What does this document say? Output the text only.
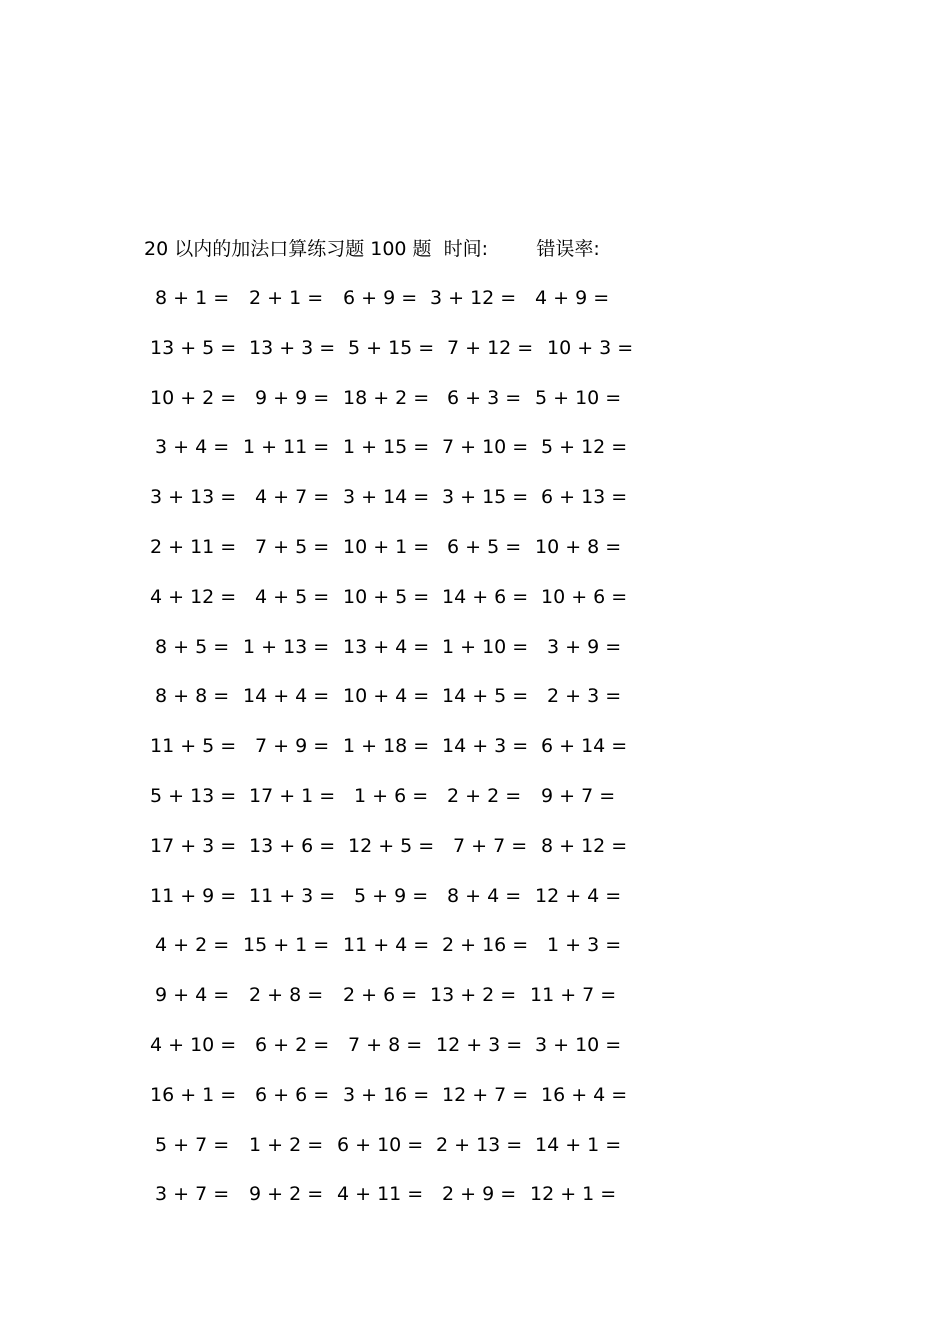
20 以内的加法口算练习题 100 题  时间:        错误率:
8 + 1 = 2 + 1 = 6 + 9 = 3 + 12 = 4 + 9 =
13 + 5 = 13 + 3 = 5 + 15 = 7 + 12 = 10 + 3 =
10 + 2 = 9 + 9 = 18 + 2 = 6 + 3 = 5 + 10 =
3 + 4 = 1 + 11 = 1 + 15 = 7 + 10 = 5 + 12 =
3 + 13 = 4 + 7 = 3 + 14 = 3 + 15 = 6 + 13 =
2 + 11 = 7 + 5 = 10 + 1 = 6 + 5 = 10 + 8 =
4 + 12 = 4 + 5 = 10 + 5 = 14 + 6 = 10 + 6 =
8 + 5 = 1 + 13 = 13 + 4 = 1 + 10 = 3 + 9 =
8 + 8 = 14 + 4 = 10 + 4 = 14 + 5 = 2 + 3 =
11 + 5 = 7 + 9 = 1 + 18 = 14 + 3 = 6 + 14 =
5 + 13 = 17 + 1 = 1 + 6 = 2 + 2 = 9 + 7 =
17 + 3 = 13 + 6 = 12 + 5 = 7 + 7 = 8 + 12 =
11 + 9 = 11 + 3 = 5 + 9 = 8 + 4 = 12 + 4 =
4 + 2 = 15 + 1 = 11 + 4 = 2 + 16 = 1 + 3 =
9 + 4 = 2 + 8 = 2 + 6 = 13 + 2 = 11 + 7 =
4 + 10 = 6 + 2 = 7 + 8 = 12 + 3 = 3 + 10 =
16 + 1 = 6 + 6 = 3 + 16 = 12 + 7 = 16 + 4 =
5 + 7 = 1 + 2 = 6 + 10 = 2 + 13 = 14 + 1 =
3 + 7 = 9 + 2 = 4 + 11 = 2 + 9 = 12 + 1 =
